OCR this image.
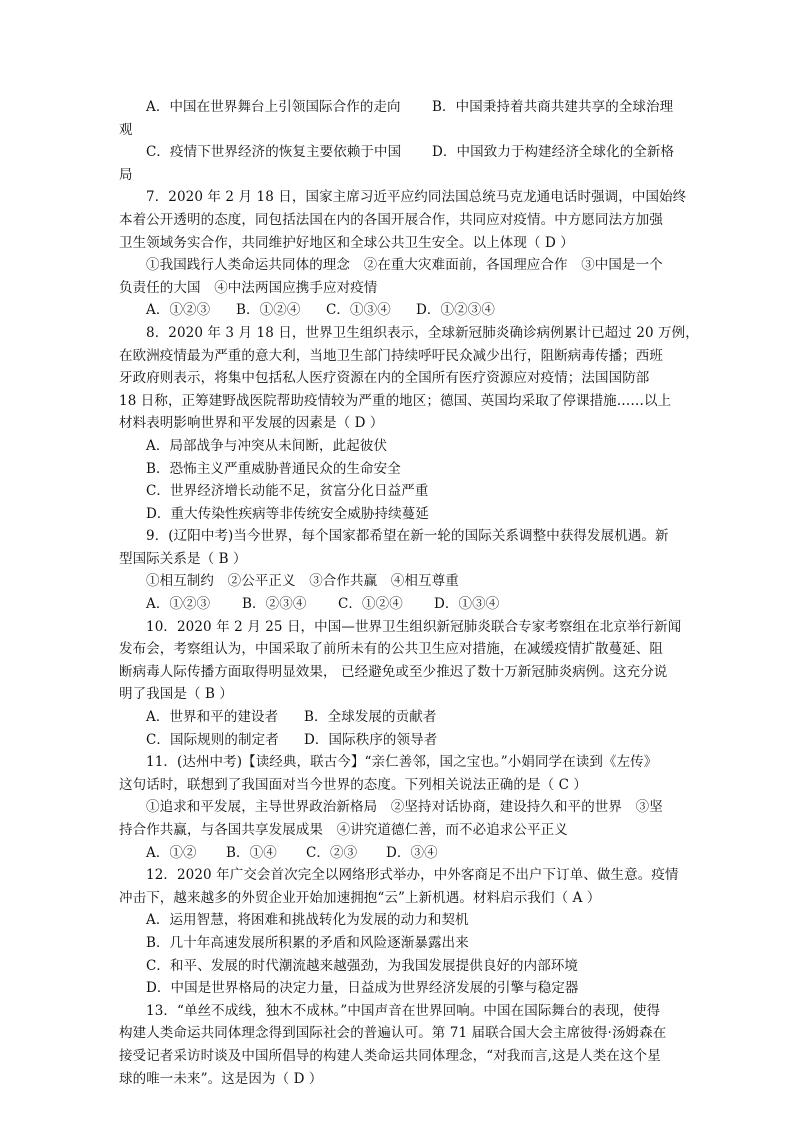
A．中国在世界舞台上引领国际合作的走向	B．中国秉持着共商共建共享的全球治理
观
C．疫情下世界经济的恢复主要依赖于中国	D．中国致力于构建经济全球化的全新格
局
7．2020 年 2 月 18 日，国家主席习近平应约同法国总统马克龙通电话时强调，中国始终
本着公开透明的态度，同包括法国在内的各国开展合作，共同应对疫情。中方愿同法方加强
卫生领域务实合作，共同维护好地区和全球公共卫生安全。以上体现（ D ）
①我国践行人类命运共同体的理念　②在重大灾难面前，各国理应合作　③中国是一个
负责任的大国　④中法两国应携手应对疫情
A．①②③	B．①②④	C．①③④	D．①②③④
8．2020 年 3 月 18 日，世界卫生组织表示，全球新冠肺炎确诊病例累计已超过 20 万例，
在欧洲疫情最为严重的意大利，当地卫生部门持续呼吁民众减少出行，阻断病毒传播；西班
牙政府则表示，将集中包括私人医疗资源在内的全国所有医疗资源应对疫情；法国国防部
18 日称，正筹建野战医院帮助疫情较为严重的地区；德国、英国均采取了停课措施……以上
材料表明影响世界和平发展的因素是（ D ）
A．局部战争与冲突从未间断，此起彼伏
B．恐怖主义严重威胁普通民众的生命安全
C．世界经济增长动能不足，贫富分化日益严重
D．重大传染性疾病等非传统安全威胁持续蔓延
9．(辽阳中考)当今世界，每个国家都希望在新一轮的国际关系调整中获得发展机遇。新
型国际关系是（ B ）
①相互制约　②公平正义　③合作共赢　④相互尊重
A．①②③	B．②③④	C．①②④	D．①③④
10．2020 年 2 月 25 日，中国—世界卫生组织新冠肺炎联合专家考察组在北京举行新闻
发布会，考察组认为，中国采取了前所未有的公共卫生应对措施，在减缓疫情扩散蔓延、阻
断病毒人际传播方面取得明显效果， 已经避免或至少推迟了数十万新冠肺炎病例。这充分说
明了我国是（ B ）
A．世界和平的建设者	B．全球发展的贡献者
C．国际规则的制定者	D．国际秩序的领导者
11．(达州中考)【读经典，联古今】“亲仁善邻，国之宝也。”小娟同学在读到《左传》
这句话时，联想到了我国面对当今世界的态度。下列相关说法正确的是（ C ）
①追求和平发展，主导世界政治新格局　②坚持对话协商，建设持久和平的世界　③坚
持合作共赢，与各国共享发展成果　④讲究道德仁善，而不必追求公平正义
A．①②	B．①④	C．②③	D．③④
12．2020 年广交会首次完全以网络形式举办，中外客商足不出户下订单、做生意。疫情
冲击下，越来越多的外贸企业开始加速拥抱“云”上新机遇。材料启示我们（ A ）
A．运用智慧，将困难和挑战转化为发展的动力和契机
B．几十年高速发展所积累的矛盾和风险逐渐暴露出来
C．和平、发展的时代潮流越来越强劲，为我国发展提供良好的内部环境
D．中国是世界格局的决定力量，日益成为世界经济发展的引擎与稳定器
13．“单丝不成线，独木不成林。”中国声音在世界回响。中国在国际舞台的表现，使得
构建人类命运共同体理念得到国际社会的普遍认可。第 71 届联合国大会主席彼得·汤姆森在
接受记者采访时谈及中国所倡导的构建人类命运共同体理念，“对我而言,这是人类在这个星
球的唯一未来”。这是因为（ D ）
